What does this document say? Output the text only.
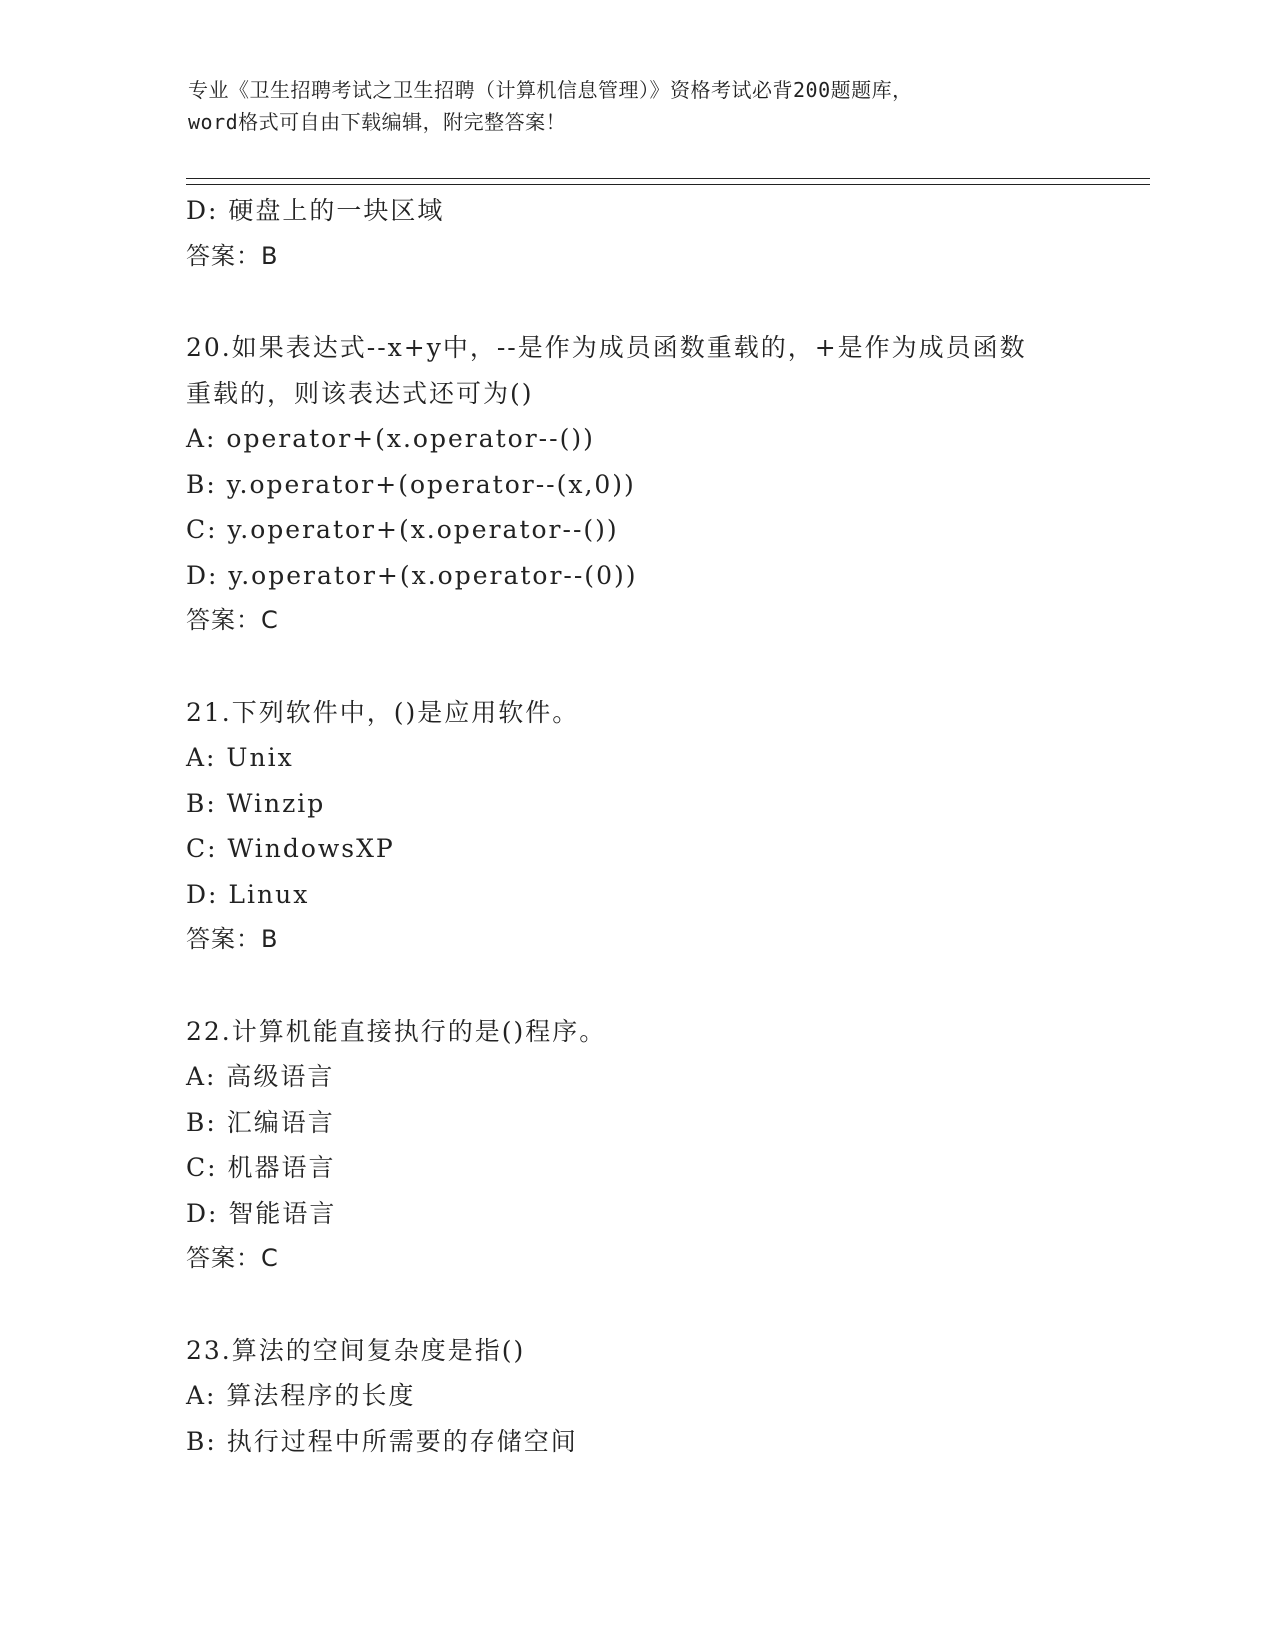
专业《卫生招聘考试之卫生招聘（计算机信息管理）》资格考试必背200题题库，
word格式可自由下载编辑，附完整答案！
D: 硬盘上的一块区域
答案：B
20.如果表达式--x+y中，--是作为成员函数重载的，+是作为成员函数
重载的，则该表达式还可为()
A: operator+(x.operator--())
B: y.operator+(operator--(x,0))
C: y.operator+(x.operator--())
D: y.operator+(x.operator--(0))
答案：C
21.下列软件中，()是应用软件。
A: Unix
B: Winzip
C: WindowsXP
D: Linux
答案：B
22.计算机能直接执行的是()程序。
A: 高级语言
B: 汇编语言
C: 机器语言
D: 智能语言
答案：C
23.算法的空间复杂度是指()
A: 算法程序的长度
B: 执行过程中所需要的存储空间
